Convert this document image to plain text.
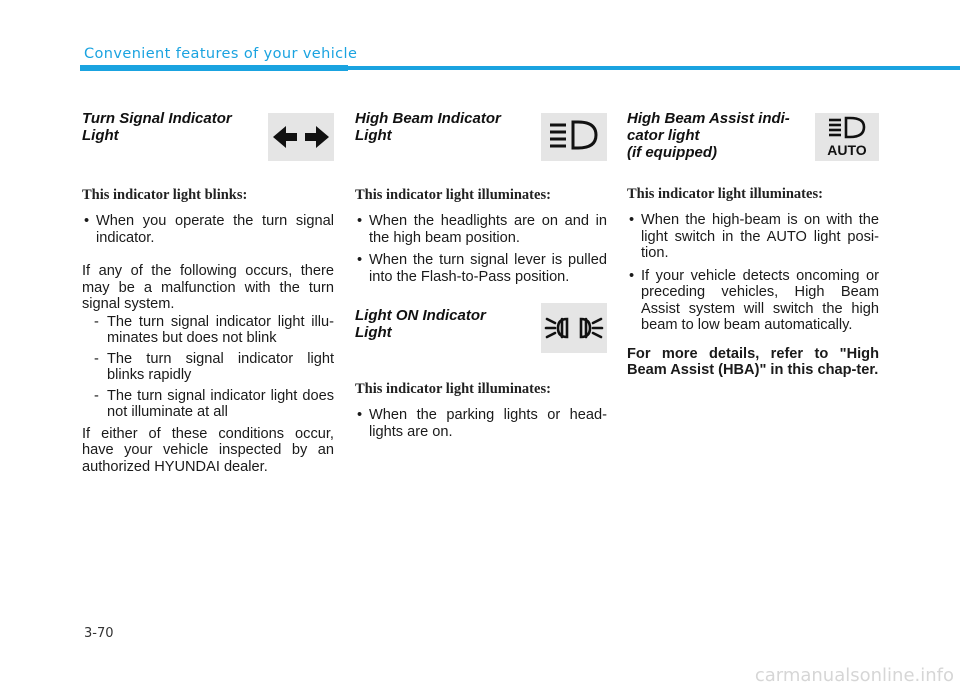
Convenient features of your vehicle

Turn Signal Indicator
Light

This indicator light blinks:

• When you operate the turn signal indicator.
If any of the following occurs, there may be a malfunction with the turn signal system.
- The turn signal indicator light illu-minates but does not blink
- The turn signal indicator light blinks rapidly
- The turn signal indicator light does not illuminate at all
If either of these conditions occur, have your vehicle inspected by an authorized HYUNDAI dealer.

High Beam Indicator
Light

This indicator light illuminates:

• When the headlights are on and in the high beam position.
• When the turn signal lever is pulled into the Flash-to-Pass position.

Light ON Indicator
Light

This indicator light illuminates:

• When the parking lights or head-lights are on.

High Beam Assist indi-
cator light
(if equipped)	AUTO

This indicator light illuminates:

• When the high-beam is on with the light switch in the AUTO light posi-tion.
• If your vehicle detects oncoming or preceding vehicles, High Beam Assist system will switch the high beam to low beam automatically.
For more details, refer to "High Beam Assist (HBA)" in this chap-ter.
3-70
carmanualsonline.info
